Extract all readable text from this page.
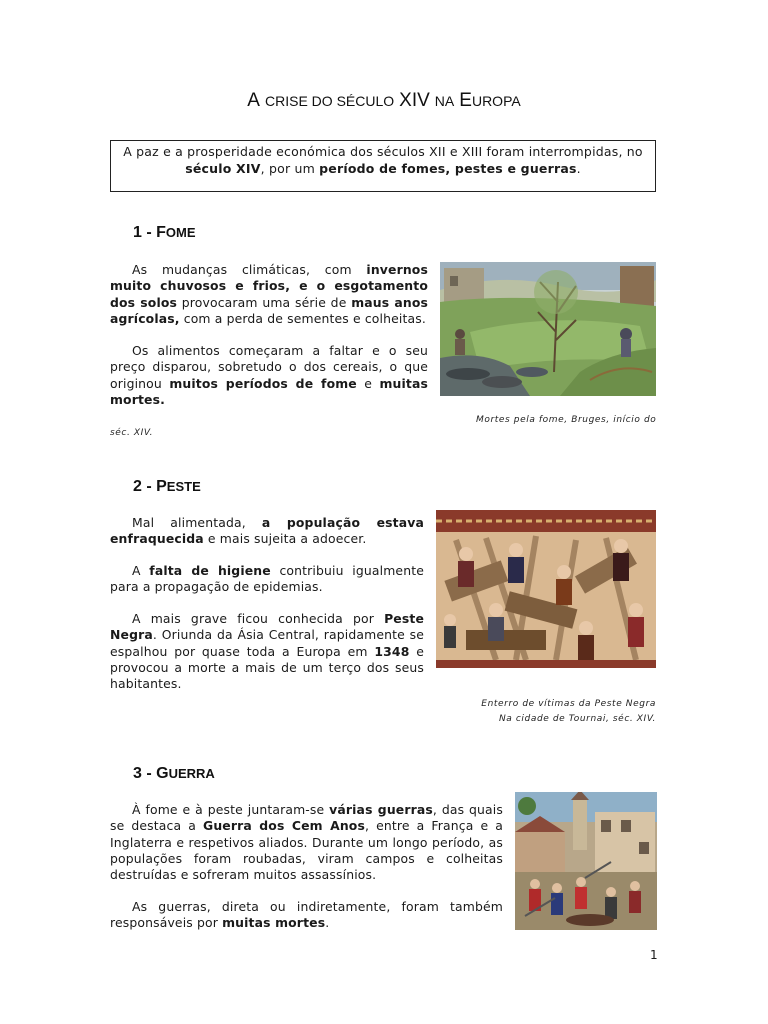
A CRISE DO SÉCULO XIV NA EUROPA
A paz e a prosperidade económica dos séculos XII e XIII foram interrompidas, no século XIV, por um período de fomes, pestes e guerras.
1 - FOME
As mudanças climáticas, com invernos muito chuvosos e frios, e o esgotamento dos solos provocaram uma série de maus anos agrícolas, com a perda de sementes e colheitas.
Os alimentos começaram a faltar e o seu preço disparou, sobretudo o dos cereais, o que originou muitos períodos de fome e muitas mortes.
Mortes pela fome, Bruges, início do
séc. XIV.
2 - PESTE
Mal alimentada, a população estava enfraquecida e mais sujeita a adoecer.
A falta de higiene contribuiu igualmente para a propagação de epidemias.
A mais grave ficou conhecida por Peste Negra. Oriunda da Ásia Central, rapidamente se espalhou por quase toda a Europa em 1348 e provocou a morte a mais de um terço dos seus habitantes.
Enterro de vítimas da Peste Negra
Na cidade de Tournai, séc. XIV.
3 - GUERRA
À fome e à peste juntaram-se várias guerras, das quais se destaca a Guerra dos Cem Anos, entre a França e a Inglaterra e respetivos aliados. Durante um longo período, as populações foram roubadas, viram campos e colheitas destruídas e sofreram muitos assassínios.
As guerras, direta ou indiretamente, foram também responsáveis por muitas mortes.
1
